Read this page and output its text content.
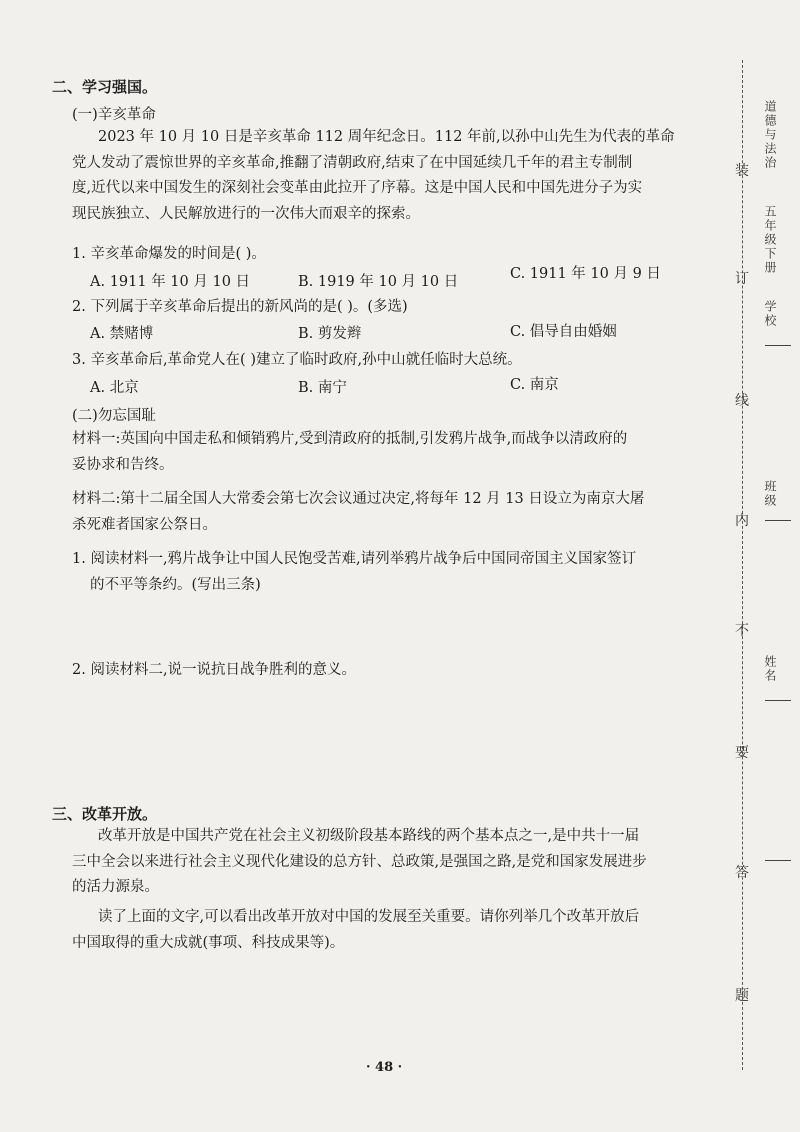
二、学习强国。
(一)辛亥革命
2023 年 10 月 10 日是辛亥革命 112 周年纪念日。112 年前,以孙中山先生为代表的革命
党人发动了震惊世界的辛亥革命,推翻了清朝政府,结束了在中国延续几千年的君主专制制
度,近代以来中国发生的深刻社会变革由此拉开了序幕。这是中国人民和中国先进分子为实
现民族独立、人民解放进行的一次伟大而艰辛的探索。
1. 辛亥革命爆发的时间是( )。
A. 1911 年 10 月 10 日	B. 1919 年 10 月 10 日	C. 1911 年 10 月 9 日
2. 下列属于辛亥革命后提出的新风尚的是( )。(多选)
A. 禁赌博	B. 剪发辫	C. 倡导自由婚姻
3. 辛亥革命后,革命党人在( )建立了临时政府,孙中山就任临时大总统。
A. 北京	B. 南宁	C. 南京
(二)勿忘国耻
材料一:英国向中国走私和倾销鸦片,受到清政府的抵制,引发鸦片战争,而战争以清政府的
妥协求和告终。
材料二:第十二届全国人大常委会第七次会议通过决定,将每年 12 月 13 日设立为南京大屠
杀死难者国家公祭日。
1. 阅读材料一,鸦片战争让中国人民饱受苦难,请列举鸦片战争后中国同帝国主义国家签订
的不平等条约。(写出三条)
2. 阅读材料二,说一说抗日战争胜利的意义。
三、改革开放。
改革开放是中国共产党在社会主义初级阶段基本路线的两个基本点之一,是中共十一届
三中全会以来进行社会主义现代化建设的总方针、总政策,是强国之路,是党和国家发展进步
的活力源泉。
读了上面的文字,可以看出改革开放对中国的发展至关重要。请你列举几个改革开放后
中国取得的重大成就(事项、科技成果等)。
· 48 ·
装
订
线
内
不
要
答
题
道德与法治
五年级下册
学校
班级
姓名
